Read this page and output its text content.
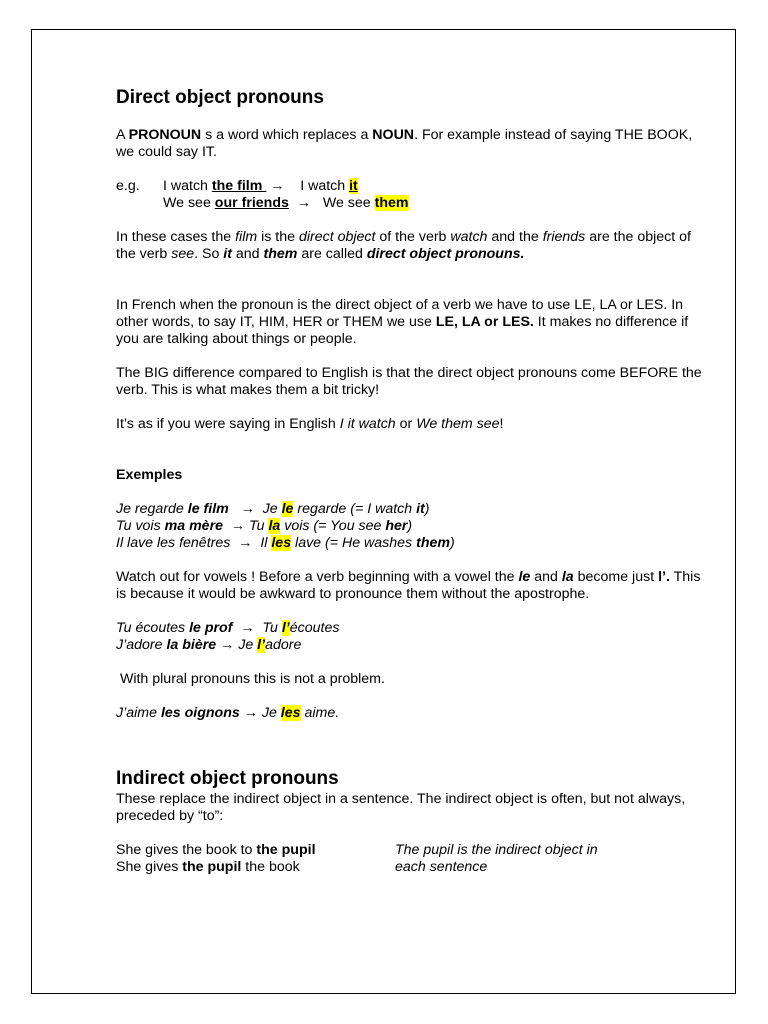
Direct object pronouns

A PRONOUN s a word which replaces a NOUN. For example instead of saying THE BOOK, we could say IT.

e.g.	I watch the film  →    I watch it
We see our friends  →   We see them

In these cases the film is the direct object of the verb watch and the friends are the object of the verb see. So it and them are called direct object pronouns.

In French when the pronoun is the direct object of a verb we have to use LE, LA or LES. In other words, to say IT, HIM, HER or THEM we use LE, LA or LES. It makes no difference if you are talking about things or people.

The BIG difference compared to English is that the direct object pronouns come BEFORE the verb. This is what makes them a bit tricky!

It’s as if you were saying in English I it watch or We them see!

Exemples

Je regarde le film   →  Je le regarde (= I watch it)

Tu vois ma mère  → Tu la vois (= You see her)

Il lave les fenêtres  →  Il les lave (= He washes them)

Watch out for vowels ! Before a verb beginning with a vowel the le and la become just l’. This is because it would be awkward to pronounce them without the apostrophe.

Tu écoutes le prof  →  Tu l’écoutes

J’adore la bière → Je l’adore

With plural pronouns this is not a problem.

J’aime les oignons → Je les aime.

Indirect object pronouns

These replace the indirect object in a sentence. The indirect object is often, but not always, preceded by “to”:

She gives the book to the pupil	The pupil is the indirect object in
She gives the pupil the book	each sentence
